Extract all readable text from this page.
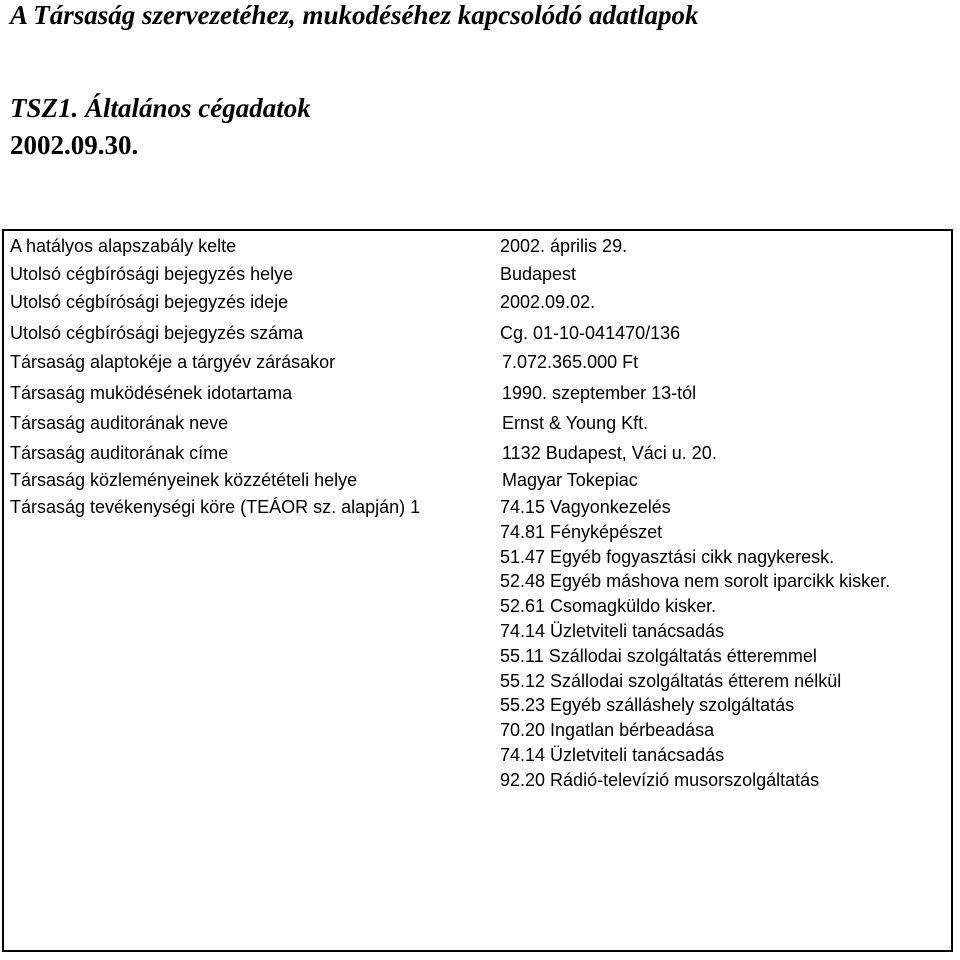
A Társaság szervezetéhez, mukodéséhez kapcsolódó adatlapok
TSZ1. Általános cégadatok
2002.09.30.
A hatályos alapszabály kelte	2002. április 29.
Utolsó cégbírósági bejegyzés helye	Budapest
Utolsó cégbírósági bejegyzés ideje	2002.09.02.
Utolsó cégbírósági bejegyzés száma	Cg. 01-10-041470/136
Társaság alaptokéje a tárgyév zárásakor	7.072.365.000 Ft
Társaság muködésének idotartama	1990. szeptember 13-tól
Társaság auditorának neve	Ernst & Young Kft.
Társaság auditorának címe	1132 Budapest, Váci u. 20.
Társaság közleményeinek közzétételi helye	Magyar Tokepiac
Társaság tevékenységi köre (TEÁOR sz. alapján) 1	74.15 Vagyonkezelés
74.81 Fényképészet
51.47 Egyéb fogyasztási cikk nagykeresk.
52.48 Egyéb máshova nem sorolt iparcikk kisker.
52.61 Csomagküldo kisker.
74.14 Üzletviteli tanácsadás
55.11 Szállodai szolgáltatás étteremmel
55.12 Szállodai szolgáltatás étterem nélkül
55.23 Egyéb szálláshely szolgáltatás
70.20 Ingatlan bérbeadása
74.14 Üzletviteli tanácsadás
92.20 Rádió-televízió musorszolgáltatás
